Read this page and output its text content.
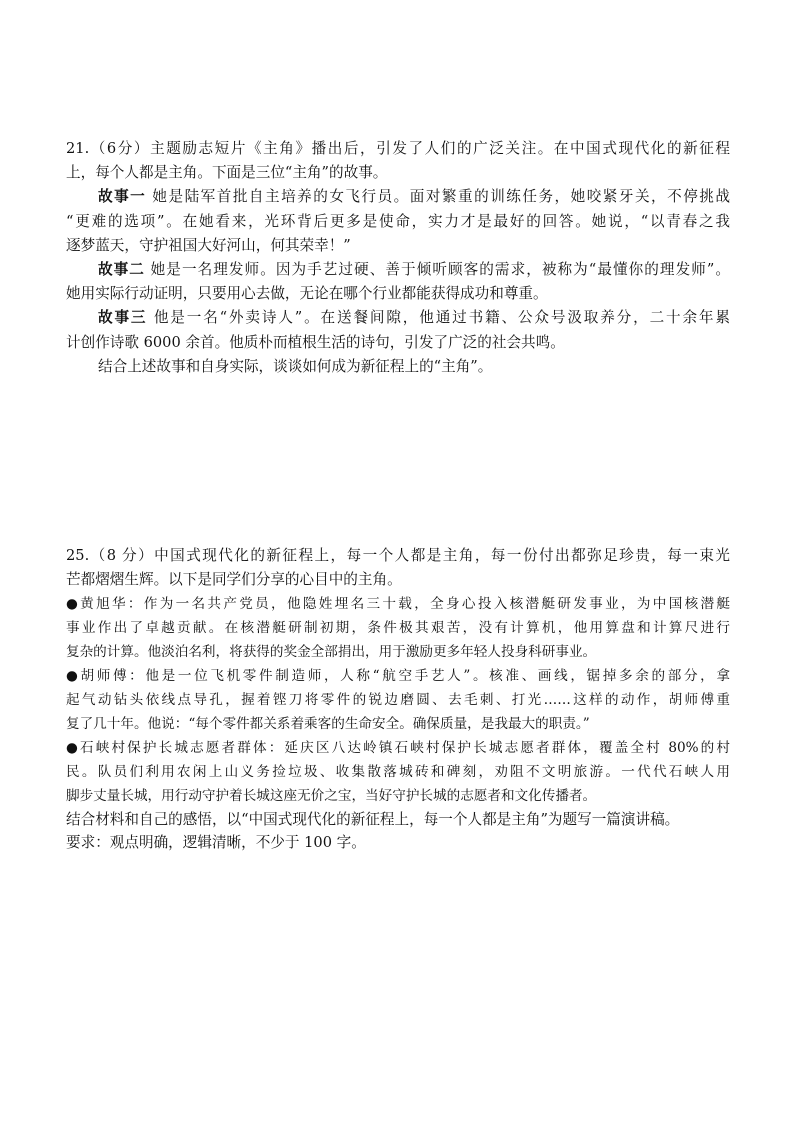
21.（6分）主题励志短片《主角》播出后，引发了人们的广泛关注。在中国式现代化的新征程
上，每个人都是主角。下面是三位“主角”的故事。
故事一 她是陆军首批自主培养的女飞行员。面对繁重的训练任务，她咬紧牙关，不停挑战
“更难的选项”。在她看来，光环背后更多是使命，实力才是最好的回答。她说，“以青春之我
逐梦蓝天，守护祖国大好河山，何其荣幸！”
故事二 她是一名理发师。因为手艺过硬、善于倾听顾客的需求，被称为“最懂你的理发师”。
她用实际行动证明，只要用心去做，无论在哪个行业都能获得成功和尊重。
故事三 他是一名“外卖诗人”。在送餐间隙，他通过书籍、公众号汲取养分，二十余年累
计创作诗歌 6000 余首。他质朴而植根生活的诗句，引发了广泛的社会共鸣。
结合上述故事和自身实际，谈谈如何成为新征程上的“主角”。
25.（8 分）中国式现代化的新征程上，每一个人都是主角，每一份付出都弥足珍贵，每一束光
芒都熠熠生辉。以下是同学们分享的心目中的主角。
●黄旭华：作为一名共产党员，他隐姓埋名三十载，全身心投入核潜艇研发事业，为中国核潜艇
事业作出了卓越贡献。在核潜艇研制初期，条件极其艰苦，没有计算机，他用算盘和计算尺进行
复杂的计算。他淡泊名利，将获得的奖金全部捐出，用于激励更多年轻人投身科研事业。
●胡师傅：他是一位飞机零件制造师，人称“航空手艺人”。核准、画线，锯掉多余的部分，拿
起气动钻头依线点导孔，握着铿刀将零件的锐边磨圆、去毛刺、打光……这样的动作，胡师傅重
复了几十年。他说：“每个零件都关系着乘客的生命安全。确保质量，是我最大的职责。”
●石峡村保护长城志愿者群体：延庆区八达岭镇石峡村保护长城志愿者群体，覆盖全村 80%的村
民。队员们利用农闲上山义务捡垃圾、收集散落城砖和碑刻，劝阻不文明旅游。一代代石峡人用
脚步丈量长城，用行动守护着长城这座无价之宝，当好守护长城的志愿者和文化传播者。
结合材料和自己的感悟，以“中国式现代化的新征程上，每一个人都是主角”为题写一篇演讲稿。
要求：观点明确，逻辑清晰，不少于 100 字。
